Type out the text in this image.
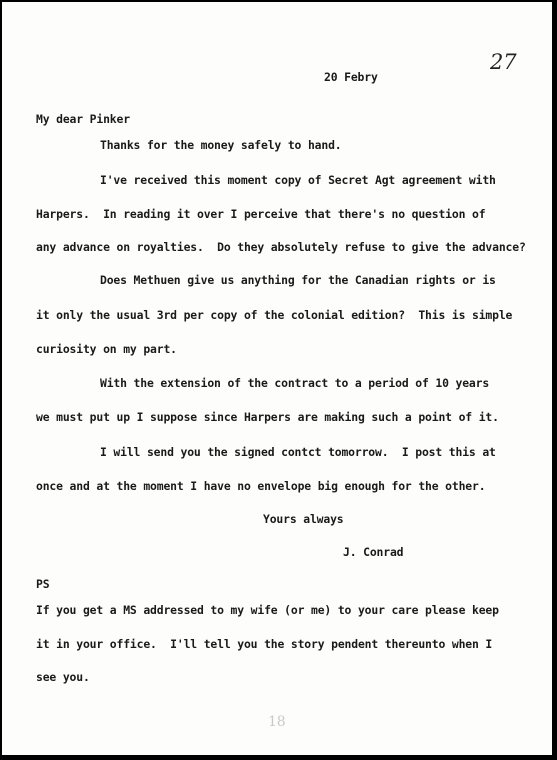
27
20 Febry
My dear Pinker
Thanks for the money safely to hand.
I've received this moment copy of Secret Agt agreement with
Harpers.  In reading it over I perceive that there's no question of
any advance on royalties.  Do they absolutely refuse to give the advance?
Does Methuen give us anything for the Canadian rights or is
it only the usual 3rd per copy of the colonial edition?  This is simple
curiosity on my part.
With the extension of the contract to a period of 10 years
we must put up I suppose since Harpers are making such a point of it.
I will send you the signed contct tomorrow.  I post this at
once and at the moment I have no envelope big enough for the other.
Yours always
J. Conrad
PS
If you get a MS addressed to my wife (or me) to your care please keep
it in your office.  I'll tell you the story pendent thereunto when I
see you.
18
